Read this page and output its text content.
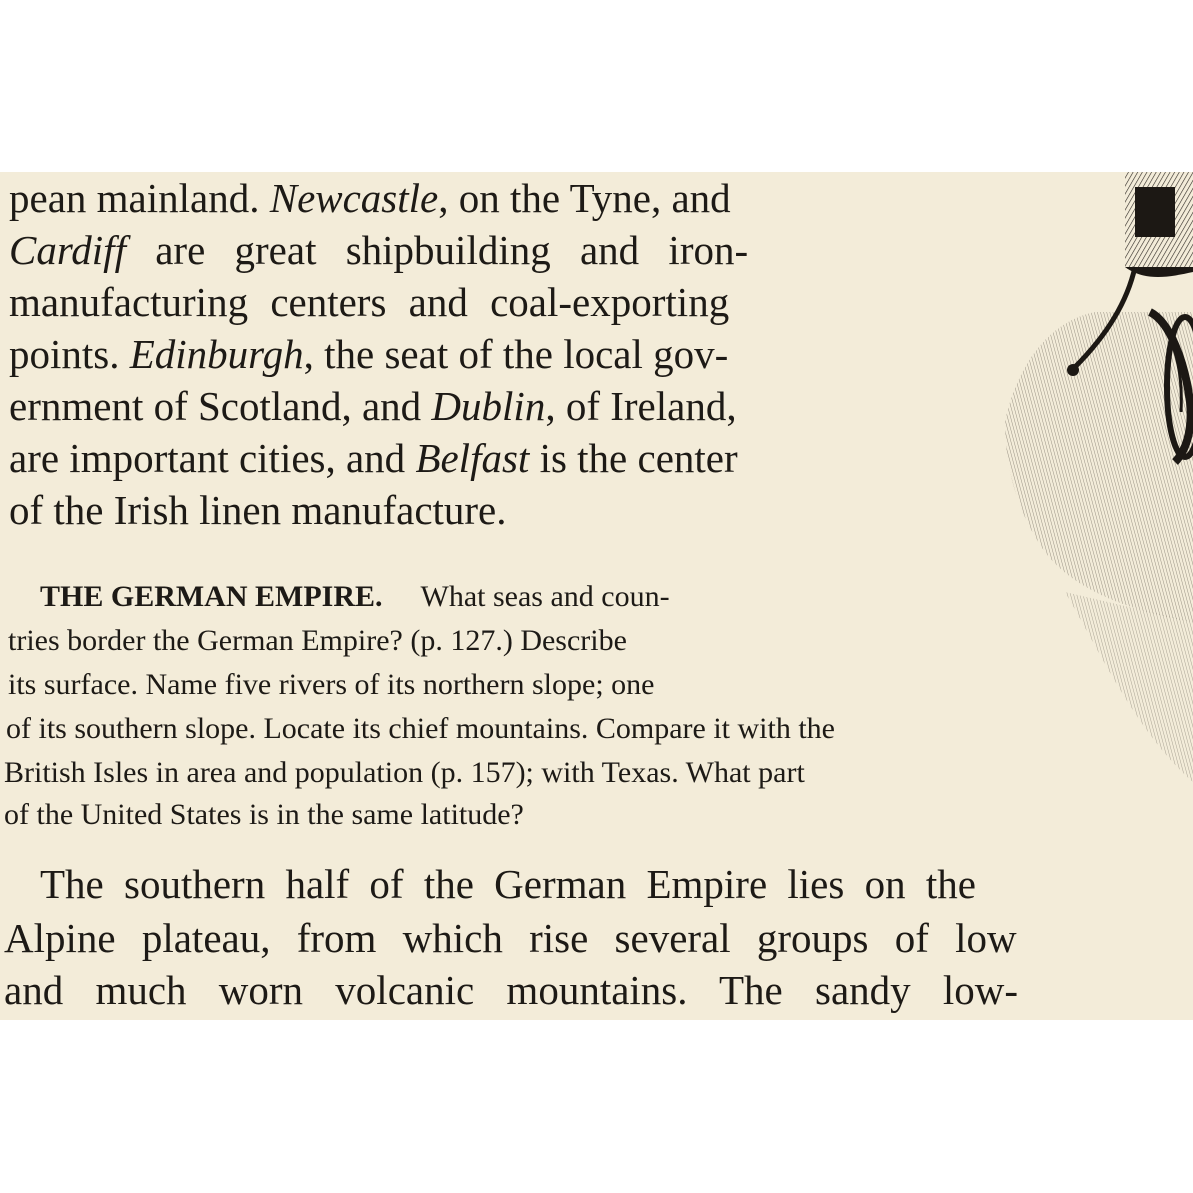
pean mainland. Newcastle, on the Tyne, and
Cardiff are great shipbuilding and iron-
manufacturing centers and coal-exporting
points. Edinburgh, the seat of the local gov-
ernment of Scotland, and Dublin, of Ireland,
are important cities, and Belfast is the center
of the Irish linen manufacture.
THE GERMAN EMPIRE. What seas and coun-
tries border the German Empire? (p. 127.) Describe
its surface. Name five rivers of its northern slope; one
of its southern slope. Locate its chief mountains. Compare it with the
British Isles in area and population (p. 157); with Texas. What part
of the United States is in the same latitude?
The southern half of the German Empire lies on the
Alpine plateau, from which rise several groups of low
and much worn volcanic mountains. The sandy low-
